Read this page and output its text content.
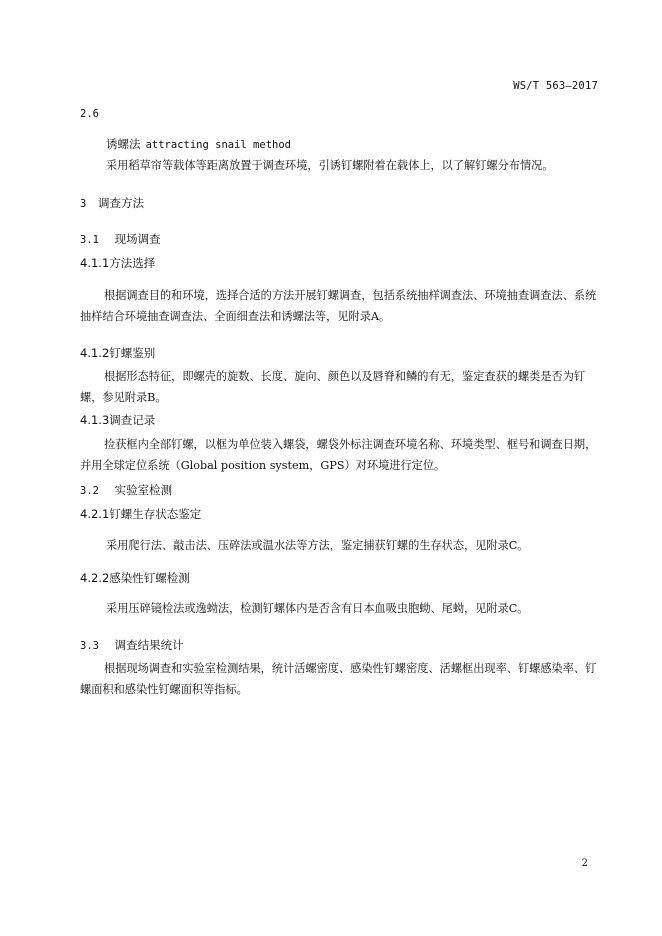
WS/T 563—2017
2.6
诱螺法 attracting snail method
采用稻草帘等载体等距离放置于调查环境，引诱钉螺附着在载体上，以了解钉螺分布情况。
3 调查方法
3.1 现场调查
4.1.1方法选择
根据调查目的和环境，选择合适的方法开展钉螺调查，包括系统抽样调查法、环境抽查调查法、系统抽样结合环境抽查调查法、全面细查法和诱螺法等，见附录A。
4.1.2钉螺鉴别
根据形态特征，即螺壳的旋数、长度、旋向、颜色以及唇脊和鳞的有无，鉴定查获的螺类是否为钉螺，参见附录B。
4.1.3调查记录
捡获框内全部钉螺，以框为单位装入螺袋，螺袋外标注调查环境名称、环境类型、框号和调查日期，并用全球定位系统（Global position system，GPS）对环境进行定位。
3.2 实验室检测
4.2.1钉螺生存状态鉴定
采用爬行法、敲击法、压碎法或温水法等方法，鉴定捕获钉螺的生存状态，见附录C。
4.2.2感染性钉螺检测
采用压碎镜检法或逸蚴法，检测钉螺体内是否含有日本血吸虫胞蚴、尾蚴，见附录C。
3.3 调查结果统计
根据现场调查和实验室检测结果，统计活螺密度、感染性钉螺密度、活螺框出现率、钉螺感染率、钉螺面积和感染性钉螺面积等指标。
2
